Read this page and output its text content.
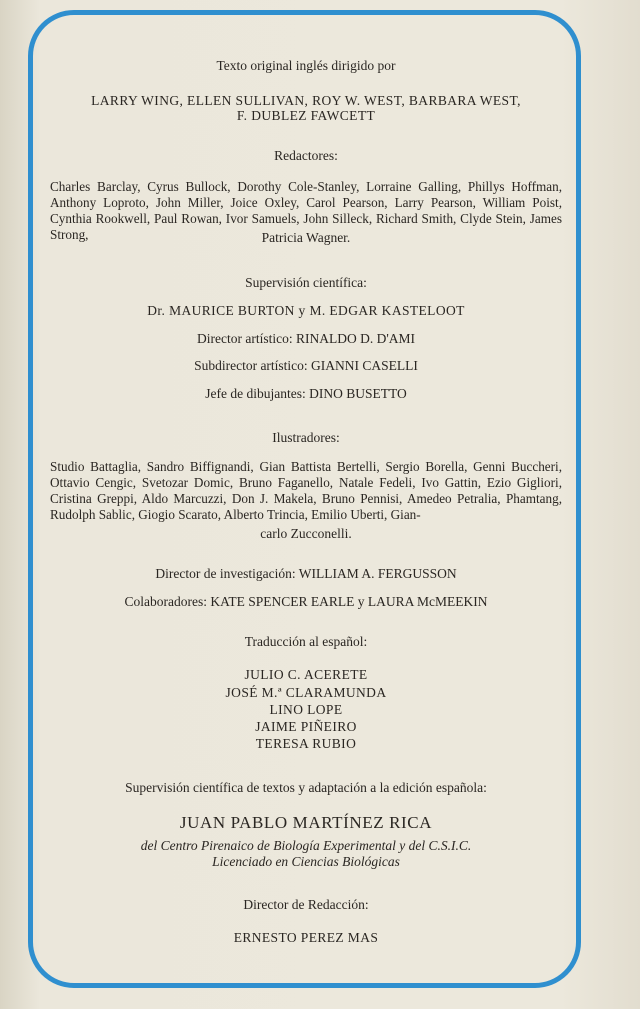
Texto original inglés dirigido por
LARRY WING, ELLEN SULLIVAN, ROY W. WEST, BARBARA WEST,
F. DUBLEZ FAWCETT
Redactores:
Charles Barclay, Cyrus Bullock, Dorothy Cole-Stanley, Lorraine Galling, Phillys Hoffman, Anthony Loproto, John Miller, Joice Oxley, Carol Pearson, Larry Pearson, William Poist, Cynthia Rookwell, Paul Rowan, Ivor Samuels, John Silleck, Richard Smith, Clyde Stein, James Strong,	Patricia Wagner.
Supervisión científica:
Dr. MAURICE BURTON y M. EDGAR KASTELOOT
Director artístico: RINALDO D. D'AMI
Subdirector artístico: GIANNI CASELLI
Jefe de dibujantes: DINO BUSETTO
Ilustradores:
Studio Battaglia, Sandro Biffignandi, Gian Battista Bertelli, Sergio Borella, Genni Buccheri, Ottavio Cengic, Svetozar Domic, Bruno Faganello, Natale Fedeli, Ivo Gattin, Ezio Gigliori, Cristina Greppi, Aldo Marcuzzi, Don J. Makela, Bruno Pennisi, Amedeo Petralia, Phamtang, Rudolph Sablic, Giogio Scarato, Alberto Trincia, Emilio Uberti, Gian-
carlo Zucconelli.
Director de investigación: WILLIAM A. FERGUSSON
Colaboradores: KATE SPENCER EARLE y LAURA McMEEKIN
Traducción al español:
JULIO C. ACERETE
JOSÉ M.ª CLARAMUNDA
LINO LOPE
JAIME PIÑEIRO
TERESA RUBIO
Supervisión científica de textos y adaptación a la edición española:
JUAN PABLO MARTÍNEZ RICA
del Centro Pirenaico de Biología Experimental y del C.S.I.C.
Licenciado en Ciencias Biológicas
Director de Redacción:
ERNESTO PEREZ MAS
